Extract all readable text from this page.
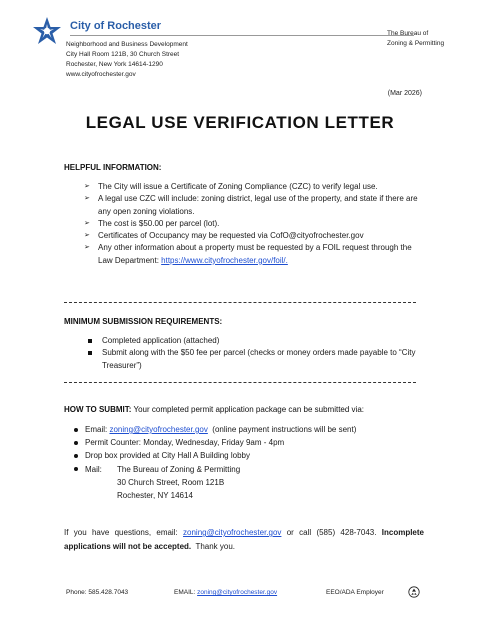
City of Rochester
Neighborhood and Business Development
City Hall Room 121B, 30 Church Street
Rochester, New York 14614-1290
www.cityofrochester.gov
The Bureau of
Zoning & Permitting
(Mar 2026)
LEGAL USE VERIFICATION LETTER
HELPFUL INFORMATION:
➢ The City will issue a Certificate of Zoning Compliance (CZC) to verify legal use.
➢ A legal use CZC will include: zoning district, legal use of the property, and state if there are any open zoning violations.
➢ The cost is $50.00 per parcel (lot).
➢ Certificates of Occupancy may be requested via CofO@cityofrochester.gov
➢ Any other information about a property must be requested by a FOIL request through the Law Department: https://www.cityofrochester.gov/foil/.
MINIMUM SUBMISSION REQUIREMENTS:
Completed application (attached)
Submit along with the $50 fee per parcel (checks or money orders made payable to “City Treasurer”)
HOW TO SUBMIT: Your completed permit application package can be submitted via:
Email: zoning@cityofrochester.gov  (online payment instructions will be sent)
Permit Counter: Monday, Wednesday, Friday 9am - 4pm
Drop box provided at City Hall A Building lobby
Mail:	The Bureau of Zoning & Permitting
30 Church Street, Room 121B
Rochester, NY 14614
If you have questions, email: zoning@cityofrochester.gov or call (585) 428-7043. Incomplete applications will not be accepted.  Thank you.
Phone: 585.428.7043	EMAIL: zoning@cityofrochester.gov	EEO/ADA Employer
